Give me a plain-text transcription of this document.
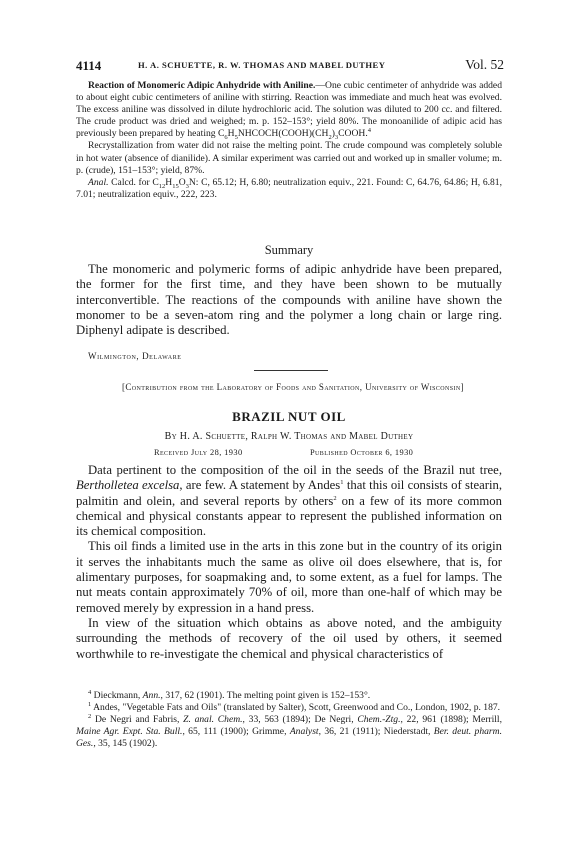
4114	H. A. SCHUETTE, R. W. THOMAS AND MABEL DUTHEY	Vol. 52

Reaction of Monomeric Adipic Anhydride with Aniline.—One cubic centimeter of anhydride was added to about eight cubic centimeters of aniline with stirring. Reaction was immediate and much heat was evolved. The excess aniline was dissolved in dilute hydrochloric acid. The solution was diluted to 200 cc. and filtered. The crude product was dried and weighed; m. p. 152–153°; yield 80%. The monoanilide of adipic acid has previously been prepared by heating $C_6H_5NHCOCH(COOH)(CH_2)_3COOH.^4$

Recrystallization from water did not raise the melting point. The crude compound was completely soluble in hot water (absence of dianilide). A similar experiment was carried out and worked up in smaller volume; m. p. (crude), 151–153°; yield, 87%.

Anal. Calcd. for $C_{12}H_{15}O_3N$: C, 65.12; H, 6.80; neutralization equiv., 221. Found: C, 64.76, 64.86; H, 6.81, 7.01; neutralization equiv., 222, 223.

Summary

The monomeric and polymeric forms of adipic anhydride have been prepared, the former for the first time, and they have been shown to be mutually interconvertible. The reactions of the compounds with aniline have shown the monomer to be a seven-atom ring and the polymer a long chain or large ring. Diphenyl adipate is described.

Wilmington, Delaware
[Contribution from the Laboratory of Foods and Sanitation, University of Wisconsin]
BRAZIL NUT OIL
By H. A. Schuette, Ralph W. Thomas and Mabel Duthey
Received July 28, 1930	Published October 6, 1930

Data pertinent to the composition of the oil in the seeds of the Brazil nut tree, Bertholletea excelsa, are few. A statement by Andes$^1$ that this oil consists of stearin, palmitin and olein, and several reports by others$^2$ on a few of its more common chemical and physical constants appear to represent the published information on its chemical composition.

This oil finds a limited use in the arts in this zone but in the country of its origin it serves the inhabitants much the same as olive oil does elsewhere, that is, for alimentary purposes, for soapmaking and, to some extent, as a fuel for lamps. The nut meats contain approximately 70% of oil, more than one-half of which may be removed merely by expression in a hand press.

In view of the situation which obtains as above noted, and the ambiguity surrounding the methods of recovery of the oil used by others, it seemed worthwhile to re-investigate the chemical and physical characteristics of

$^4$ Dieckmann, Ann., 317, 62 (1901). The melting point given is 152–153°.

$^1$ Andes, "Vegetable Fats and Oils" (translated by Salter), Scott, Greenwood and Co., London, 1902, p. 187.

$^2$ De Negri and Fabris, Z. anal. Chem., 33, 563 (1894); De Negri, Chem.-Ztg., 22, 961 (1898); Merrill, Maine Agr. Expt. Sta. Bull., 65, 111 (1900); Grimme, Analyst, 36, 21 (1911); Niederstadt, Ber. deut. pharm. Ges., 35, 145 (1902).
